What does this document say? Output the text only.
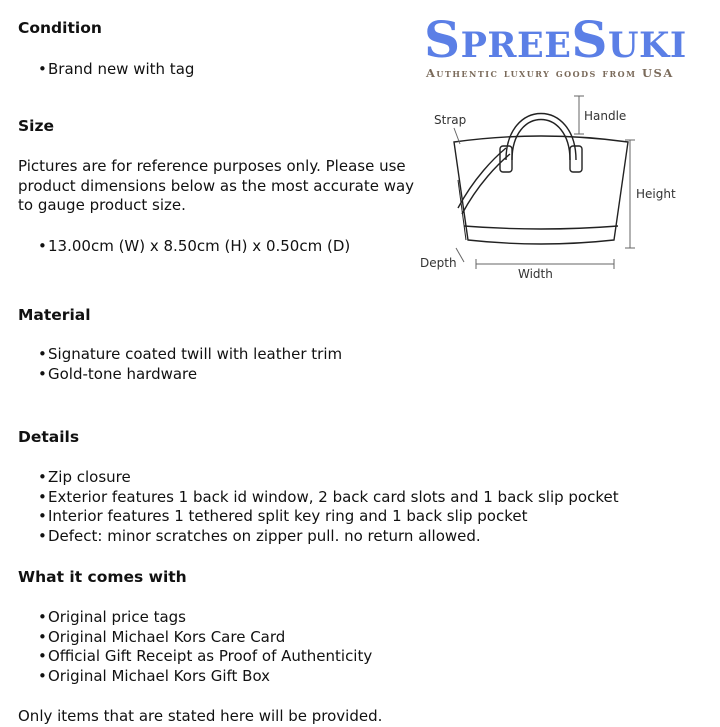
SpreeSuki
Authentic luxury goods from USA
Strap	Handle
Height
Depth
Width
Condition
• Brand new with tag
Size
Pictures are for reference purposes only. Please use product dimensions below as the most accurate way to gauge product size.
• 13.00cm (W) x 8.50cm (H) x 0.50cm (D)
Material
• Signature coated twill with leather trim
• Gold-tone hardware
Details
• Zip closure
• Exterior features 1 back id window, 2 back card slots and 1 back slip pocket
• Interior features 1 tethered split key ring and 1 back slip pocket
• Defect: minor scratches on zipper pull. no return allowed.
What it comes with
• Original price tags
• Original Michael Kors Care Card
• Official Gift Receipt as Proof of Authenticity
• Original Michael Kors Gift Box
Only items that are stated here will be provided.
